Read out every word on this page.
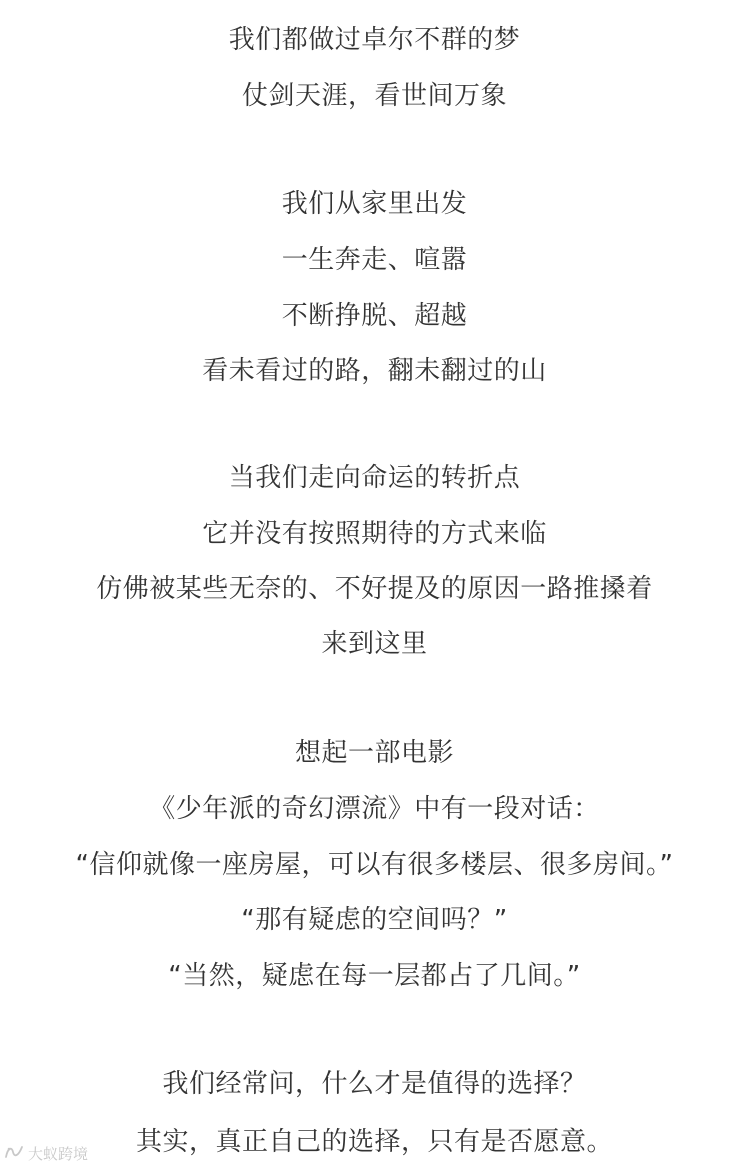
我们都做过卓尔不群的梦
仗剑天涯，看世间万象
我们从家里出发
一生奔走、喧嚣
不断挣脱、超越
看未看过的路，翻未翻过的山
当我们走向命运的转折点
它并没有按照期待的方式来临
仿佛被某些无奈的、不好提及的原因一路推搡着
来到这里
想起一部电影
《少年派的奇幻漂流》中有一段对话：
“信仰就像一座房屋，可以有很多楼层、很多房间。”
“那有疑虑的空间吗？”
“当然，疑虑在每一层都占了几间。”
我们经常问，什么才是值得的选择？
其实，真正自己的选择，只有是否愿意。
大蚁跨境
